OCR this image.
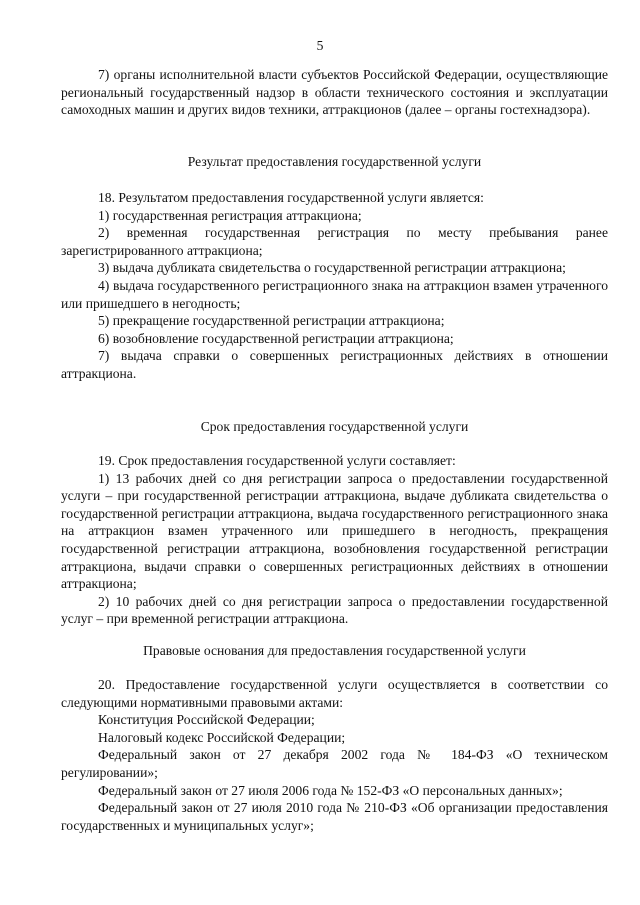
5

7) органы исполнительной власти субъектов Российской Федерации, осуществляющие региональный государственный надзор в области технического состояния и эксплуатации самоходных машин и других видов техники, аттракционов (далее – органы гостехнадзора).

Результат предоставления государственной услуги

18. Результатом предоставления государственной услуги является:

1) государственная регистрация аттракциона;

2) временная государственная регистрация по месту пребывания ранее зарегистрированного аттракциона;

3) выдача дубликата свидетельства о государственной регистрации аттракциона;

4) выдача государственного регистрационного знака на аттракцион взамен утраченного или пришедшего в негодность;

5) прекращение государственной регистрации аттракциона;

6) возобновление государственной регистрации аттракциона;

7) выдача справки о совершенных регистрационных действиях в отношении аттракциона.

Срок предоставления государственной услуги

19. Срок предоставления государственной услуги составляет:

1) 13 рабочих дней со дня регистрации запроса о предоставлении государственной услуги – при государственной регистрации аттракциона, выдаче дубликата свидетельства о государственной регистрации аттракциона, выдача государственного регистрационного знака на аттракцион взамен утраченного или пришедшего в негодность, прекращения государственной регистрации аттракциона, возобновления государственной регистрации аттракциона, выдачи справки о совершенных регистрационных действиях в отношении аттракциона;

2) 10 рабочих дней со дня регистрации запроса о предоставлении государственной услуг – при временной регистрации аттракциона.

Правовые основания для предоставления государственной услуги

20. Предоставление государственной услуги осуществляется в соответствии со следующими нормативными правовыми актами:

Конституция Российской Федерации;

Налоговый кодекс Российской Федерации;

Федеральный закон от 27 декабря 2002 года № 184-ФЗ «О техническом регулировании»;

Федеральный закон от 27 июля 2006 года № 152-ФЗ «О персональных данных»;

Федеральный закон от 27 июля 2010 года № 210-ФЗ «Об организации предоставления государственных и муниципальных услуг»;
